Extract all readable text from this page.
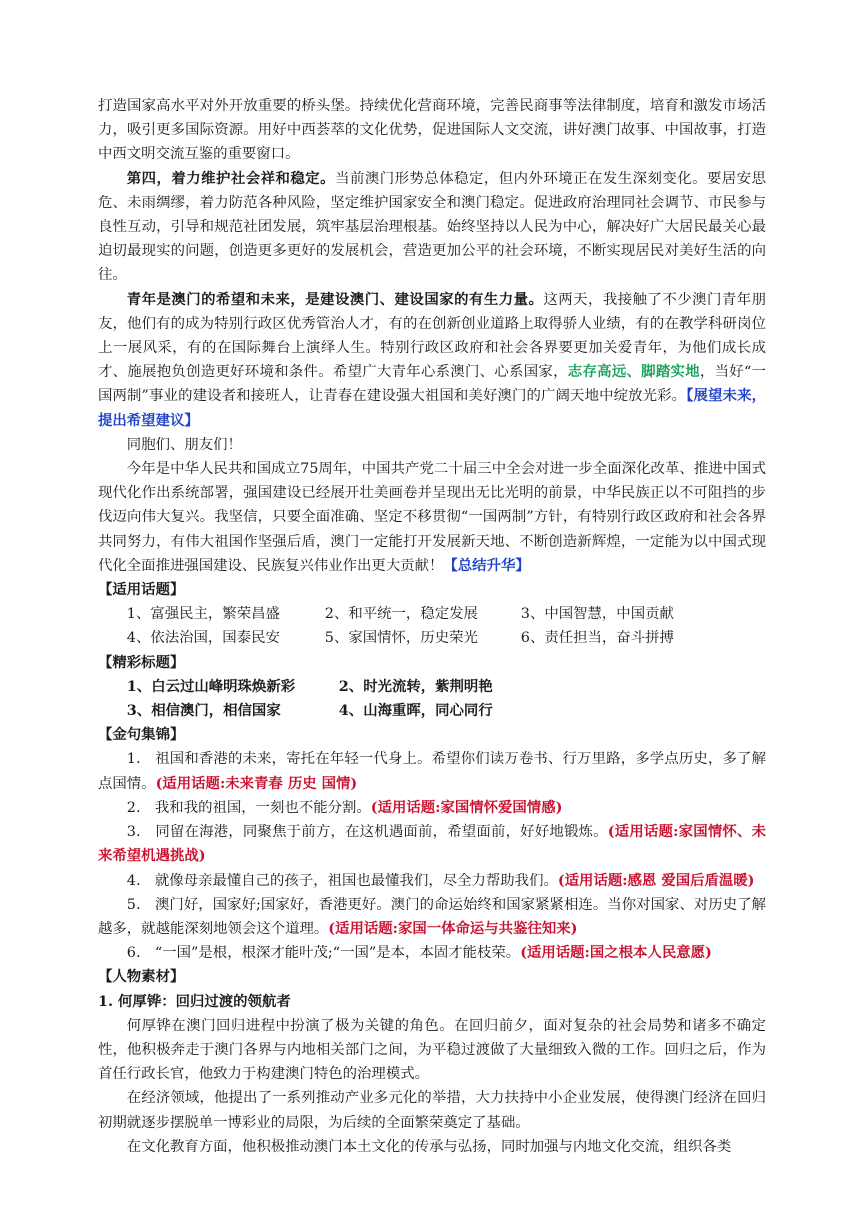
打造国家高水平对外开放重要的桥头堡。持续优化营商环境，完善民商事等法律制度，培育和激发市场活力，吸引更多国际资源。用好中西荟萃的文化优势，促进国际人文交流，讲好澳门故事、中国故事，打造中西文明交流互鉴的重要窗口。

第四，着力维护社会祥和稳定。当前澳门形势总体稳定，但内外环境正在发生深刻变化。要居安思危、未雨绸缪，着力防范各种风险，坚定维护国家安全和澳门稳定。促进政府治理同社会调节、市民参与良性互动，引导和规范社团发展，筑牢基层治理根基。始终坚持以人民为中心，解决好广大居民最关心最迫切最现实的问题，创造更多更好的发展机会，营造更加公平的社会环境，不断实现居民对美好生活的向往。

青年是澳门的希望和未来，是建设澳门、建设国家的有生力量。这两天，我接触了不少澳门青年朋友，他们有的成为特别行政区优秀管治人才，有的在创新创业道路上取得骄人业绩，有的在教学科研岗位上一展风采，有的在国际舞台上演绎人生。特别行政区政府和社会各界要更加关爱青年，为他们成长成才、施展抱负创造更好环境和条件。希望广大青年心系澳门、心系国家，志存高远、脚踏实地，当好“一国两制”事业的建设者和接班人，让青春在建设强大祖国和美好澳门的广阔天地中绽放光彩。【展望未来，提出希望建议】

同胞们、朋友们！

今年是中华人民共和国成立75周年，中国共产党二十届三中全会对进一步全面深化改革、推进中国式现代化作出系统部署，强国建设已经展开壮美画卷并呈现出无比光明的前景，中华民族正以不可阻挡的步伐迈向伟大复兴。我坚信，只要全面准确、坚定不移贯彻“一国两制”方针，有特别行政区政府和社会各界共同努力，有伟大祖国作坚强后盾，澳门一定能打开发展新天地、不断创造新辉煌，一定能为以中国式现代化全面推进强国建设、民族复兴伟业作出更大贡献！【总结升华】

【适用话题】

1、富强民主，繁荣昌盛	2、和平统一，稳定发展	3、中国智慧，中国贡献
4、依法治国，国泰民安	5、家国情怀，历史荣光	6、责任担当，奋斗拼搏

【精彩标题】

1、白云过山峰明珠焕新彩	2、时光流转，紫荆明艳
3、相信澳门，相信国家	4、山海重晖，同心同行

【金句集锦】

1.　祖国和香港的未来，寄托在年轻一代身上。希望你们读万卷书、行万里路，多学点历史，多了解点国情。(适用话题:未来青春 历史 国情)

2.　我和我的祖国，一刻也不能分割。(适用话题:家国情怀爱国情感)

3.　同留在海港，同聚焦于前方，在这机遇面前，希望面前，好好地锻炼。(适用话题:家国情怀、未来希望机遇挑战)

4.　就像母亲最懂自己的孩子，祖国也最懂我们，尽全力帮助我们。(适用话题:感恩 爱国后盾温暖)

5.　澳门好，国家好;国家好，香港更好。澳门的命运始终和国家紧紧相连。当你对国家、对历史了解越多，就越能深刻地领会这个道理。(适用话题:家国一体命运与共鉴往知来)

6.　“一国”是根，根深才能叶茂;“一国”是本，本固才能枝荣。(适用话题:国之根本人民意愿)

【人物素材】

1. 何厚铧：回归过渡的领航者

何厚铧在澳门回归进程中扮演了极为关键的角色。在回归前夕，面对复杂的社会局势和诸多不确定性，他积极奔走于澳门各界与内地相关部门之间，为平稳过渡做了大量细致入微的工作。回归之后，作为首任行政长官，他致力于构建澳门特色的治理模式。

在经济领域，他提出了一系列推动产业多元化的举措，大力扶持中小企业发展，使得澳门经济在回归初期就逐步摆脱单一博彩业的局限，为后续的全面繁荣奠定了基础。

在文化教育方面，他积极推动澳门本土文化的传承与弘扬，同时加强与内地文化交流，组织各类
